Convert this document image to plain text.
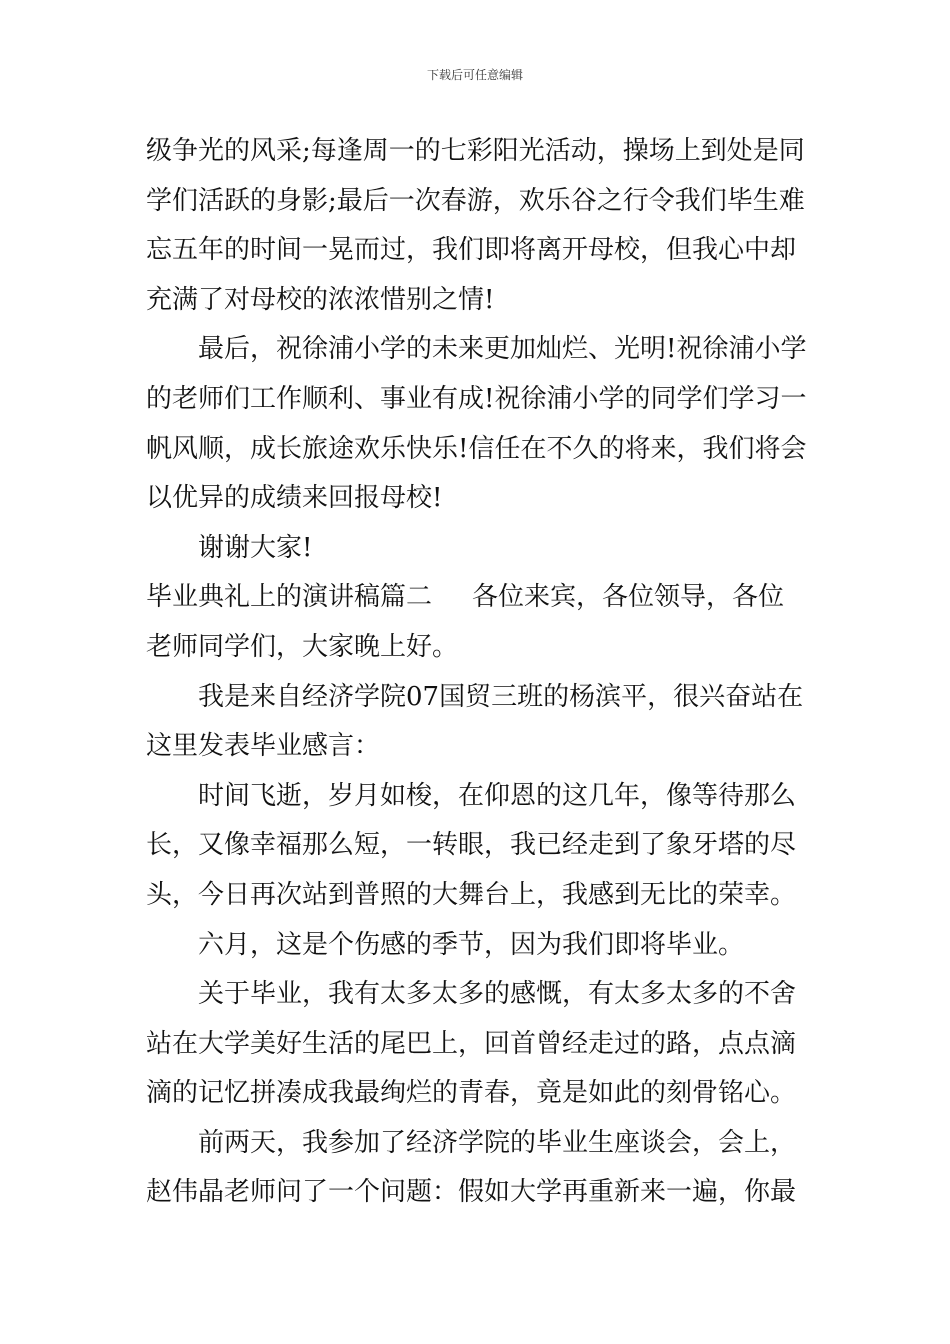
下载后可任意编辑
级争光的风采;每逢周一的七彩阳光活动，操场上到处是同
学们活跃的身影;最后一次春游，欢乐谷之行令我们毕生难
忘五年的时间一晃而过，我们即将离开母校，但我心中却
充满了对母校的浓浓惜别之情!
最后，祝徐浦小学的未来更加灿烂、光明!祝徐浦小学
的老师们工作顺利、事业有成!祝徐浦小学的同学们学习一
帆风顺，成长旅途欢乐快乐!信任在不久的将来，我们将会
以优异的成绩来回报母校!
谢谢大家!
毕业典礼上的演讲稿篇二 各位来宾，各位领导，各位
老师同学们，大家晚上好。
我是来自经济学院07国贸三班的杨滨平，很兴奋站在
这里发表毕业感言：
时间飞逝，岁月如梭，在仰恩的这几年，像等待那么
长，又像幸福那么短，一转眼，我已经走到了象牙塔的尽
头，今日再次站到普照的大舞台上，我感到无比的荣幸。
六月，这是个伤感的季节，因为我们即将毕业。
关于毕业，我有太多太多的感慨，有太多太多的不舍
站在大学美好生活的尾巴上，回首曾经走过的路，点点滴
滴的记忆拼凑成我最绚烂的青春，竟是如此的刻骨铭心。
前两天，我参加了经济学院的毕业生座谈会，会上，
赵伟晶老师问了一个问题：假如大学再重新来一遍，你最
